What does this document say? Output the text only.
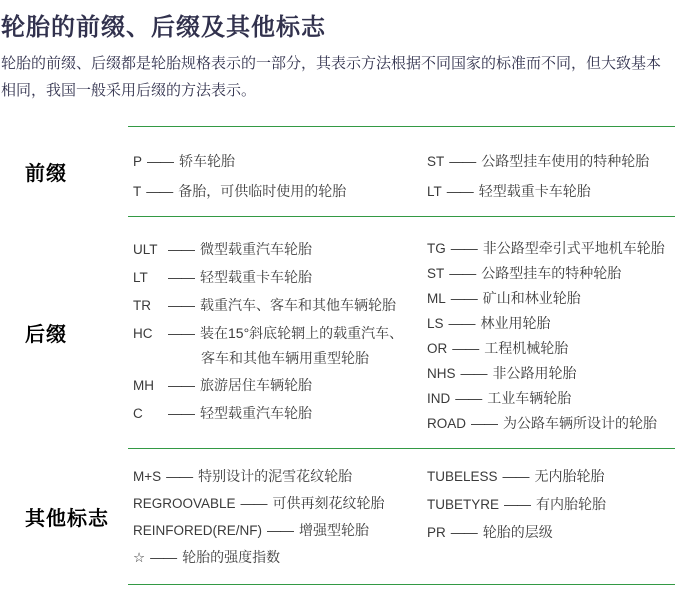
轮胎的前缀、后缀及其他标志

轮胎的前缀、后缀都是轮胎规格表示的一部分，其表示方法根据不同国家的标准而不同，但大致基本相同，我国一般采用后缀的方法表示。

前缀
P —— 轿车轮胎
T —— 备胎，可供临时使用的轮胎
ST —— 公路型挂车使用的特种轮胎
LT —— 轻型载重卡车轮胎
后缀
ULT —— 微型载重汽车轮胎
LT —— 轻型载重卡车轮胎
TR —— 载重汽车、客车和其他车辆轮胎
HC —— 装在15°斜底轮辋上的载重汽车、
客车和其他车辆用重型轮胎
MH —— 旅游居住车辆轮胎
C —— 轻型载重汽车轮胎
TG —— 非公路型牵引式平地机车轮胎
ST —— 公路型挂车的特种轮胎
ML —— 矿山和林业轮胎
LS —— 林业用轮胎
OR —— 工程机械轮胎
NHS —— 非公路用轮胎
IND —— 工业车辆轮胎
ROAD —— 为公路车辆所设计的轮胎
其他标志
M+S —— 特别设计的泥雪花纹轮胎
REGROOVABLE —— 可供再刻花纹轮胎
REINFORED(RE/NF) —— 增强型轮胎
☆ —— 轮胎的强度指数
TUBELESS —— 无内胎轮胎
TUBETYRE —— 有内胎轮胎
PR —— 轮胎的层级
